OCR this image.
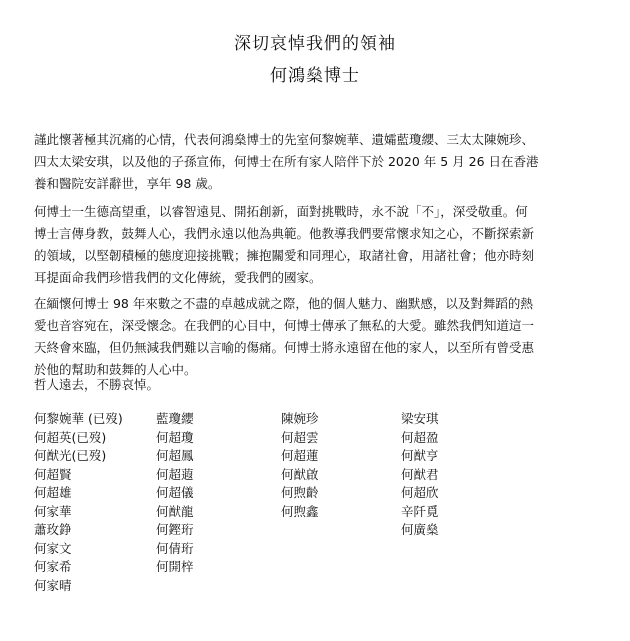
深切哀悼我們的領袖
何鴻燊博士
謹此懷著極其沉痛的心情，代表何鴻燊博士的先室何黎婉華、遺孀藍瓊纓、三太太陳婉珍、
四太太梁安琪，以及他的子孫宣佈，何博士在所有家人陪伴下於 2020 年 5 月 26 日在香港
養和醫院安詳辭世，享年 98 歲。
何博士一生德高望重，以睿智遠見、開拓創新，面對挑戰時，永不說「不」，深受敬重。何
博士言傳身教，鼓舞人心，我們永遠以他為典範。他教導我們要常懷求知之心，不斷探索新
的領域，以堅韌積極的態度迎接挑戰；擁抱關愛和同理心，取諸社會，用諸社會；他亦時刻
耳提面命我們珍惜我們的文化傳統，愛我們的國家。
在緬懷何博士 98 年來數之不盡的卓越成就之際，他的個人魅力、幽默感，以及對舞蹈的熱
愛也音容宛在，深受懷念。在我們的心目中，何博士傳承了無私的大愛。雖然我們知道這一
天終會來臨，但仍無減我們難以言喻的傷痛。何博士將永遠留在他的家人，以至所有曾受惠
於他的幫助和鼓舞的人心中。
哲人遠去，不勝哀悼。
何黎婉華 (已歿)
何超英(已歿)
何猷光(已歿)
何超賢
何超雄
何家華
蕭玫錚
何家文
何家希
何家晴
藍瓊纓
何超瓊
何超鳳
何超蕸
何超儀
何猷龍
何鏗珩
何倩珩
何開梓
陳婉珍
何超雲
何超蓮
何猷啟
何煦齡
何煦鑫
梁安琪
何超盈
何猷亨
何猷君
何超欣
辛阡覓
何廣燊
